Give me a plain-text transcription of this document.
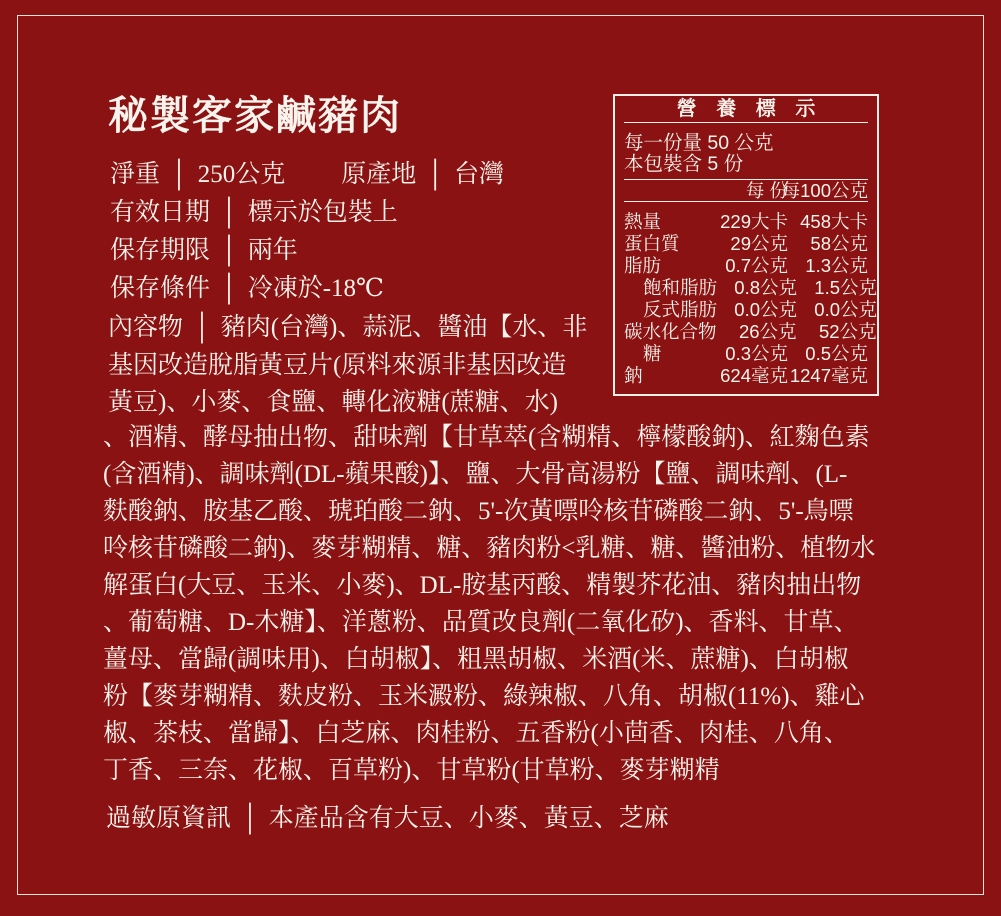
秘製客家鹹豬肉
淨重 │ 250公克 原產地 │ 台灣
有效日期 │ 標示於包裝上
保存期限 │ 兩年
保存條件 │ 冷凍於-18℃
內容物 │ 豬肉(台灣)、蒜泥、醬油【水、非
基因改造脫脂黃豆片(原料來源非基因改造
黃豆)、小麥、食鹽、轉化液糖(蔗糖、水)
、酒精、酵母抽出物、甜味劑【甘草萃(含糊精、檸檬酸鈉)、紅麴色素
(含酒精)、調味劑(DL-蘋果酸)】、鹽、大骨高湯粉【鹽、調味劑、(L-
麩酸鈉、胺基乙酸、琥珀酸二鈉、5'-次黃嘌呤核苷磷酸二鈉、5'-鳥嘌
呤核苷磷酸二鈉)、麥芽糊精、糖、豬肉粉<乳糖、糖、醬油粉、植物水
解蛋白(大豆、玉米、小麥)、DL-胺基丙酸、精製芥花油、豬肉抽出物
、葡萄糖、D-木糖】、洋蔥粉、品質改良劑(二氧化矽)、香料、甘草、
薑母、當歸(調味用)、白胡椒】、粗黑胡椒、米酒(米、蔗糖)、白胡椒
粉【麥芽糊精、麩皮粉、玉米澱粉、綠辣椒、八角、胡椒(11%)、雞心
椒、茶枝、當歸】、白芝麻、肉桂粉、五香粉(小茴香、肉桂、八角、
丁香、三奈、花椒、百草粉)、甘草粉(甘草粉、麥芽糊精
過敏原資訊 │ 本產品含有大豆、小麥、黃豆、芝麻
營 養 標 示
每一份量 50 公克
本包裝含 5 份
每 份
每100公克
熱量	229大卡 458大卡
蛋白質	29公克	58公克
脂肪	0.7公克 1.3公克
飽和脂肪 0.8公克 1.5公克
反式脂肪 0.0公克 0.0公克
碳水化合物	26公克	52公克
糖	0.3公克 0.5公克
鈉	624毫克 1247毫克
